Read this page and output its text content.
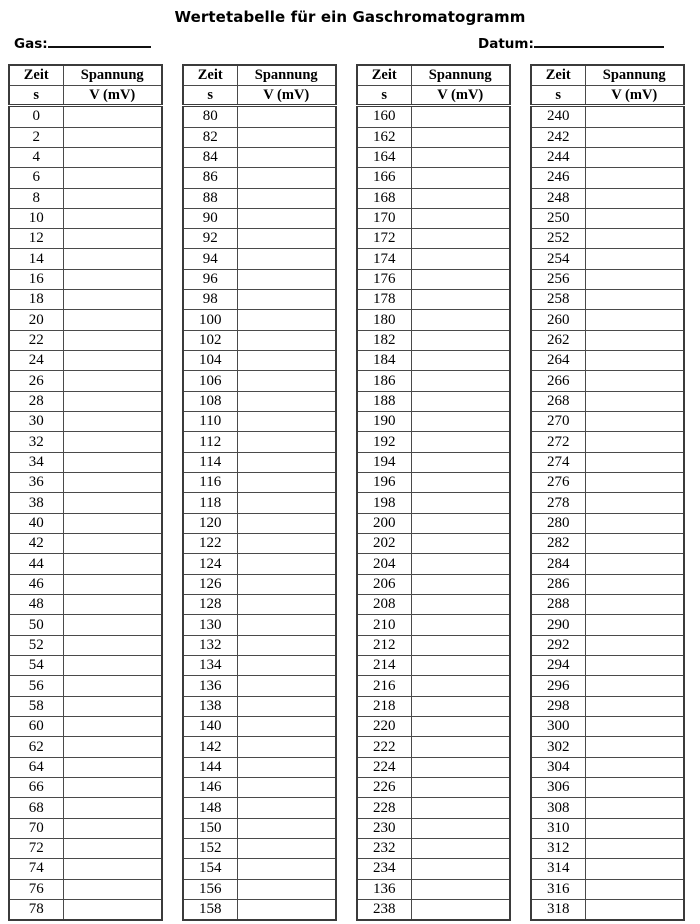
Wertetabelle für ein Gaschromatogramm
Gas:	Datum:
Zeit	Spannung
s	V (mV)
0	
2	
4	
6	
8	
10	
12	
14	
16	
18	
20	
22	
24	
26	
28	
30	
32	
34	
36	
38	
40	
42	
44	
46	
48	
50	
52	
54	
56	
58	
60	
62	
64	
66	
68	
70	
72	
74	
76	
78	
Zeit	Spannung
s	V (mV)
80	
82	
84	
86	
88	
90	
92	
94	
96	
98	
100	
102	
104	
106	
108	
110	
112	
114	
116	
118	
120	
122	
124	
126	
128	
130	
132	
134	
136	
138	
140	
142	
144	
146	
148	
150	
152	
154	
156	
158	
Zeit	Spannung
s	V (mV)
160	
162	
164	
166	
168	
170	
172	
174	
176	
178	
180	
182	
184	
186	
188	
190	
192	
194	
196	
198	
200	
202	
204	
206	
208	
210	
212	
214	
216	
218	
220	
222	
224	
226	
228	
230	
232	
234	
136	
238	
Zeit	Spannung
s	V (mV)
240	
242	
244	
246	
248	
250	
252	
254	
256	
258	
260	
262	
264	
266	
268	
270	
272	
274	
276	
278	
280	
282	
284	
286	
288	
290	
292	
294	
296	
298	
300	
302	
304	
306	
308	
310	
312	
314	
316	
318	
